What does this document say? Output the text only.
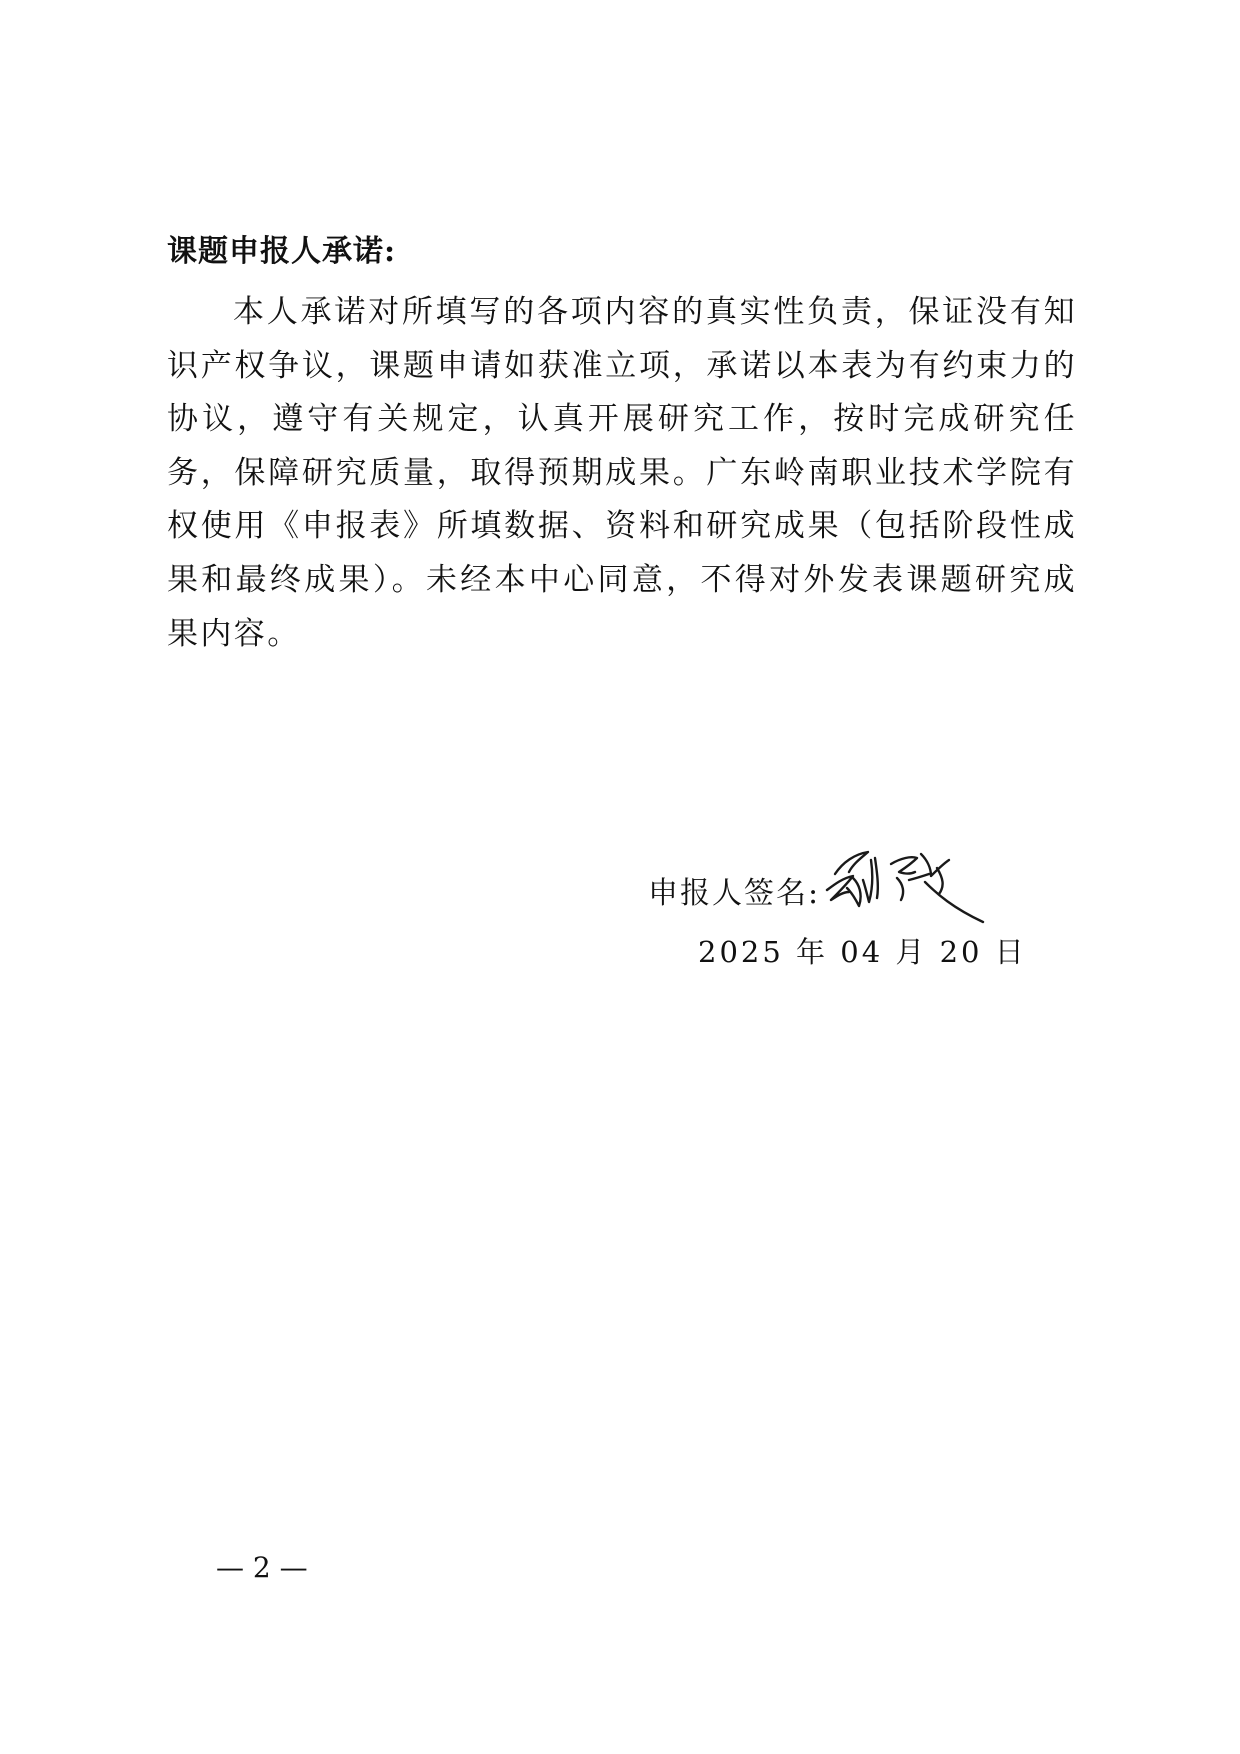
课题申报人承诺:

本人承诺对所填写的各项内容的真实性负责，保证没有知识产权争议，课题申请如获准立项，承诺以本表为有约束力的协议，遵守有关规定，认真开展研究工作，按时完成研究任务，保障研究质量，取得预期成果。广东岭南职业技术学院有权使用《申报表》所填数据、资料和研究成果（包括阶段性成果和最终成果）。未经本中心同意，不得对外发表课题研究成果内容。

申报人签名:
2025 年 04 月 20 日
— 2 —
